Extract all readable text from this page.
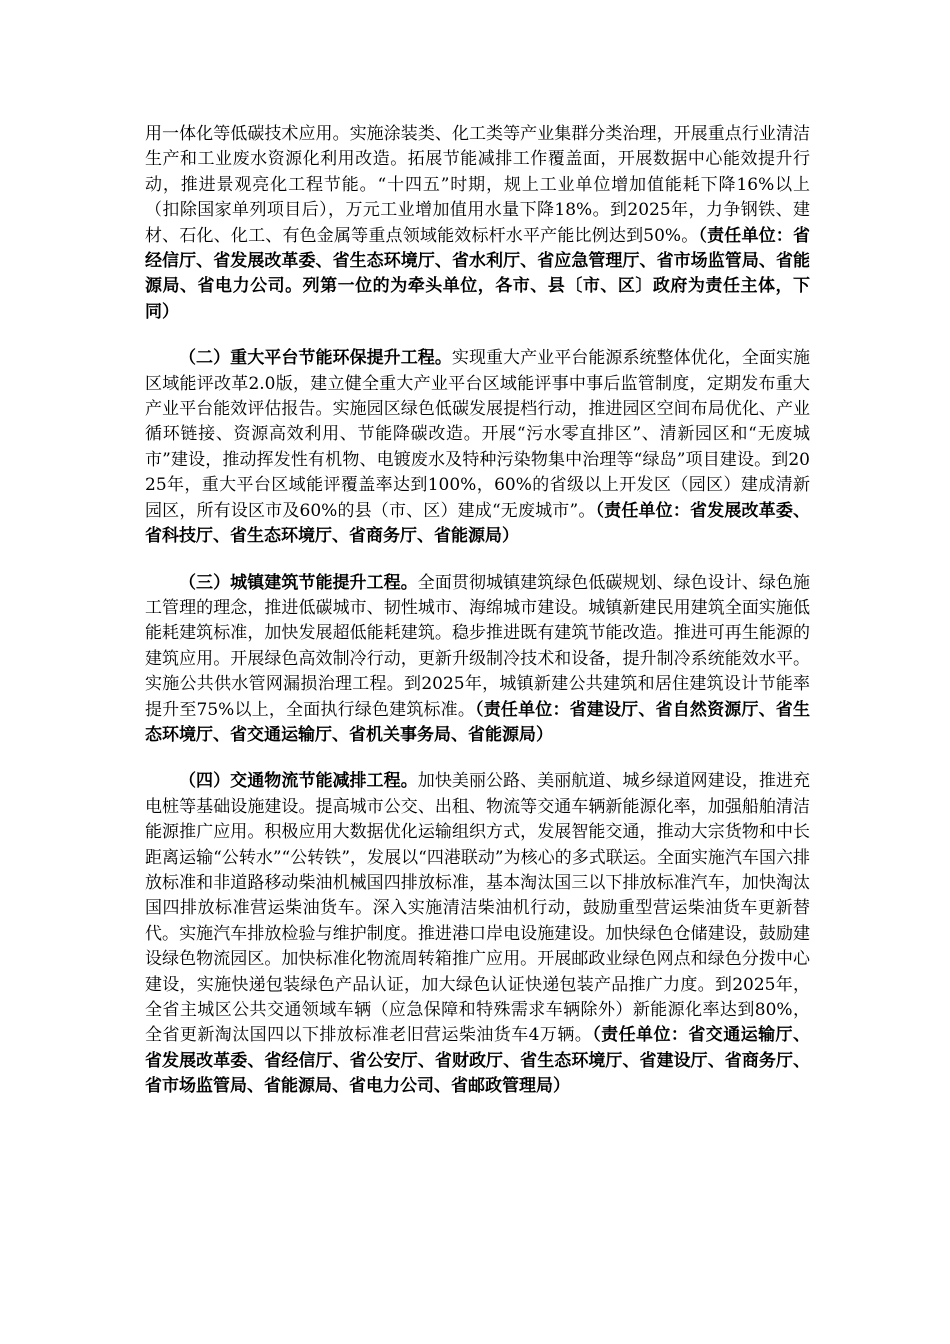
用一体化等低碳技术应用。实施涂装类、化工类等产业集群分类治理，开展重点行业清洁生产和工业废水资源化利用改造。拓展节能减排工作覆盖面，开展数据中心能效提升行动，推进景观亮化工程节能。“十四五”时期，规上工业单位增加值能耗下降16%以上（扣除国家单列项目后），万元工业增加值用水量下降18%。到2025年，力争钢铁、建材、石化、化工、有色金属等重点领域能效标杆水平产能比例达到50%。（责任单位：省经信厅、省发展改革委、省生态环境厅、省水利厅、省应急管理厅、省市场监管局、省能源局、省电力公司。列第一位的为牵头单位，各市、县〔市、区〕政府为责任主体，下同）

（二）重大平台节能环保提升工程。实现重大产业平台能源系统整体优化，全面实施区域能评改革2.0版，建立健全重大产业平台区域能评事中事后监管制度，定期发布重大产业平台能效评估报告。实施园区绿色低碳发展提档行动，推进园区空间布局优化、产业循环链接、资源高效利用、节能降碳改造。开展“污水零直排区”、清新园区和“无废城市”建设，推动挥发性有机物、电镀废水及特种污染物集中治理等“绿岛”项目建设。到2025年，重大平台区域能评覆盖率达到100%，60%的省级以上开发区（园区）建成清新园区，所有设区市及60%的县（市、区）建成“无废城市”。（责任单位：省发展改革委、省科技厅、省生态环境厅、省商务厅、省能源局）

（三）城镇建筑节能提升工程。全面贯彻城镇建筑绿色低碳规划、绿色设计、绿色施工管理的理念，推进低碳城市、韧性城市、海绵城市建设。城镇新建民用建筑全面实施低能耗建筑标准，加快发展超低能耗建筑。稳步推进既有建筑节能改造。推进可再生能源的建筑应用。开展绿色高效制冷行动，更新升级制冷技术和设备，提升制冷系统能效水平。实施公共供水管网漏损治理工程。到2025年，城镇新建公共建筑和居住建筑设计节能率提升至75%以上，全面执行绿色建筑标准。（责任单位：省建设厅、省自然资源厅、省生态环境厅、省交通运输厅、省机关事务局、省能源局）

（四）交通物流节能减排工程。加快美丽公路、美丽航道、城乡绿道网建设，推进充电桩等基础设施建设。提高城市公交、出租、物流等交通车辆新能源化率，加强船舶清洁能源推广应用。积极应用大数据优化运输组织方式，发展智能交通，推动大宗货物和中长距离运输“公转水”“公转铁”，发展以“四港联动”为核心的多式联运。全面实施汽车国六排放标准和非道路移动柴油机械国四排放标准，基本淘汰国三以下排放标准汽车，加快淘汰国四排放标准营运柴油货车。深入实施清洁柴油机行动，鼓励重型营运柴油货车更新替代。实施汽车排放检验与维护制度。推进港口岸电设施建设。加快绿色仓储建设，鼓励建设绿色物流园区。加快标准化物流周转箱推广应用。开展邮政业绿色网点和绿色分拨中心建设，实施快递包装绿色产品认证，加大绿色认证快递包装产品推广力度。到2025年，全省主城区公共交通领域车辆（应急保障和特殊需求车辆除外）新能源化率达到80%，全省更新淘汰国四以下排放标准老旧营运柴油货车4万辆。（责任单位：省交通运输厅、省发展改革委、省经信厅、省公安厅、省财政厅、省生态环境厅、省建设厅、省商务厅、省市场监管局、省能源局、省电力公司、省邮政管理局）
